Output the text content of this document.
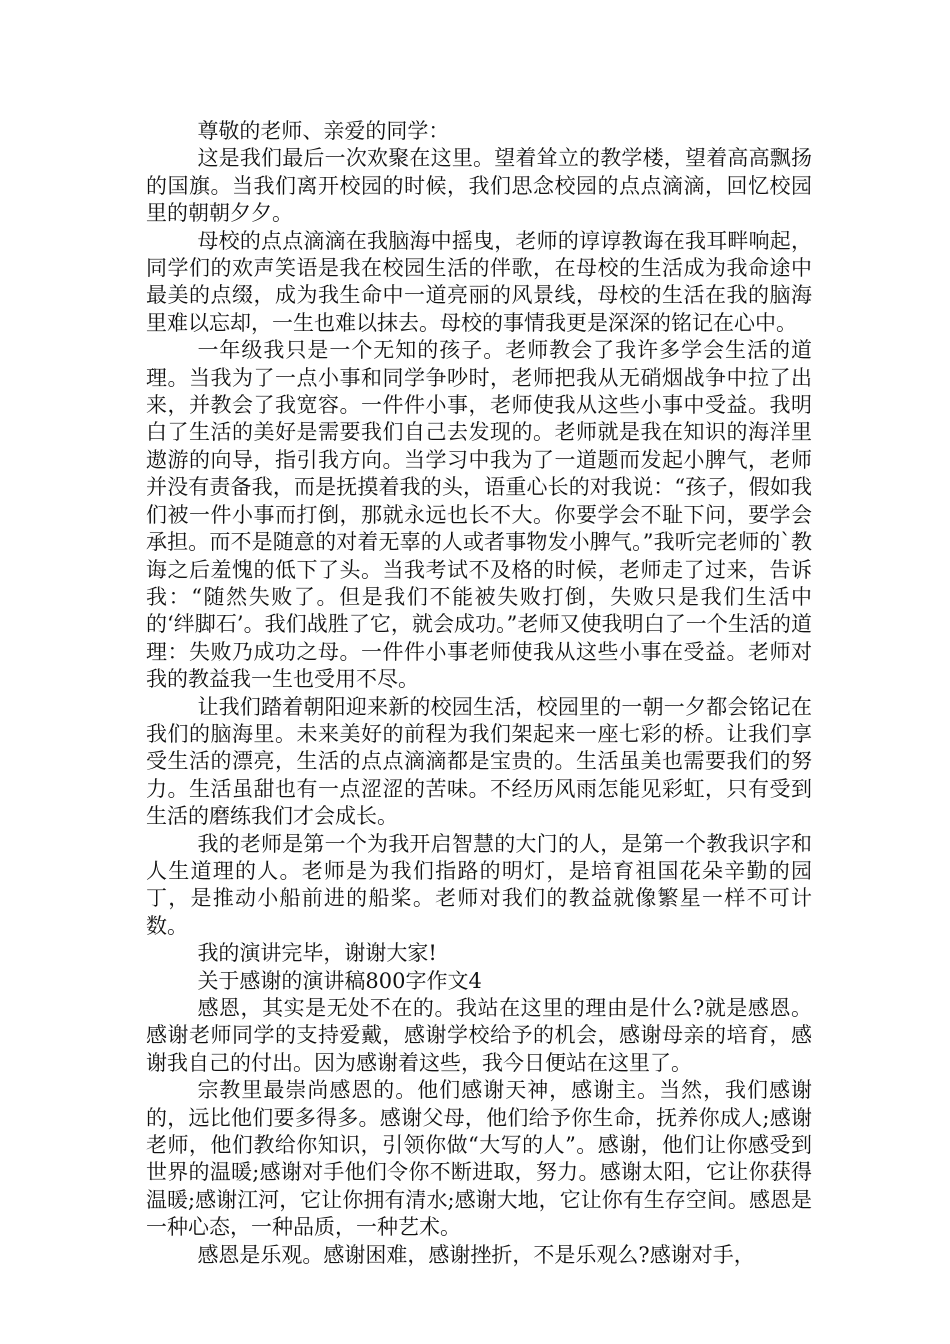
尊敬的老师、亲爱的同学：

这是我们最后一次欢聚在这里。望着耸立的教学楼，望着高高飘扬的国旗。当我们离开校园的时候，我们思念校园的点点滴滴，回忆校园里的朝朝夕夕。

母校的点点滴滴在我脑海中摇曳，老师的谆谆教诲在我耳畔响起，同学们的欢声笑语是我在校园生活的伴歌，在母校的生活成为我命途中最美的点缀，成为我生命中一道亮丽的风景线，母校的生活在我的脑海里难以忘却，一生也难以抹去。母校的事情我更是深深的铭记在心中。

一年级我只是一个无知的孩子。老师教会了我许多学会生活的道理。当我为了一点小事和同学争吵时，老师把我从无硝烟战争中拉了出来，并教会了我宽容。一件件小事，老师使我从这些小事中受益。我明白了生活的美好是需要我们自己去发现的。老师就是我在知识的海洋里遨游的向导，指引我方向。当学习中我为了一道题而发起小脾气，老师并没有责备我，而是抚摸着我的头，语重心长的对我说：“孩子，假如我们被一件小事而打倒，那就永远也长不大。你要学会不耻下问，要学会承担。而不是随意的对着无辜的人或者事物发小脾气。”我听完老师的`教诲之后羞愧的低下了头。当我考试不及格的时候，老师走了过来，告诉我：“随然失败了。但是我们不能被失败打倒，失败只是我们生活中的‘绊脚石’。我们战胜了它，就会成功。”老师又使我明白了一个生活的道理：失败乃成功之母。一件件小事老师使我从这些小事在受益。老师对我的教益我一生也受用不尽。

让我们踏着朝阳迎来新的校园生活，校园里的一朝一夕都会铭记在我们的脑海里。未来美好的前程为我们架起来一座七彩的桥。让我们享受生活的漂亮，生活的点点滴滴都是宝贵的。生活虽美也需要我们的努力。生活虽甜也有一点涩涩的苦味。不经历风雨怎能见彩虹，只有受到生活的磨练我们才会成长。

我的老师是第一个为我开启智慧的大门的人，是第一个教我识字和人生道理的人。老师是为我们指路的明灯，是培育祖国花朵辛勤的园丁，是推动小船前进的船桨。老师对我们的教益就像繁星一样不可计数。

我的演讲完毕，谢谢大家!

关于感谢的演讲稿800字作文4

感恩，其实是无处不在的。我站在这里的理由是什么?就是感恩。感谢老师同学的支持爱戴，感谢学校给予的机会，感谢母亲的培育，感谢我自己的付出。因为感谢着这些，我今日便站在这里了。

宗教里最崇尚感恩的。他们感谢天神，感谢主。当然，我们感谢的，远比他们要多得多。感谢父母，他们给予你生命，抚养你成人;感谢老师，他们教给你知识，引领你做“大写的人”。感谢，他们让你感受到世界的温暖;感谢对手他们令你不断进取，努力。感谢太阳，它让你获得温暖;感谢江河，它让你拥有清水;感谢大地，它让你有生存空间。感恩是一种心态，一种品质，一种艺术。

感恩是乐观。感谢困难，感谢挫折，不是乐观么?感谢对手，
